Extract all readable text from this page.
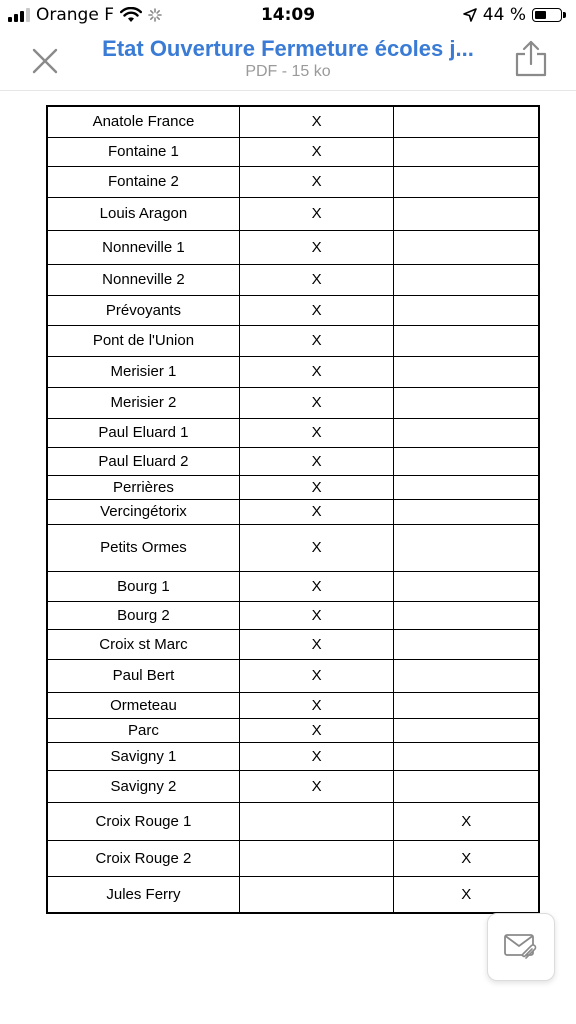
Orange F	14:09	44 %
Etat Ouverture Fermeture écoles j...
PDF - 15 ko
Anatole France	X	
Fontaine 1	X	
Fontaine 2	X	
Louis Aragon	X	
Nonneville 1	X	
Nonneville 2	X	
Prévoyants	X	
Pont de l'Union	X	
Merisier 1	X	
Merisier 2	X	
Paul Eluard 1	X	
Paul Eluard 2	X	
Perrières	X	
Vercingétorix	X	
Petits Ormes	X	
Bourg 1	X	
Bourg 2	X	
Croix st Marc	X	
Paul Bert	X	
Ormeteau	X	
Parc	X	
Savigny 1	X	
Savigny 2	X	
Croix Rouge 1		X
Croix Rouge 2		X
Jules Ferry		X
